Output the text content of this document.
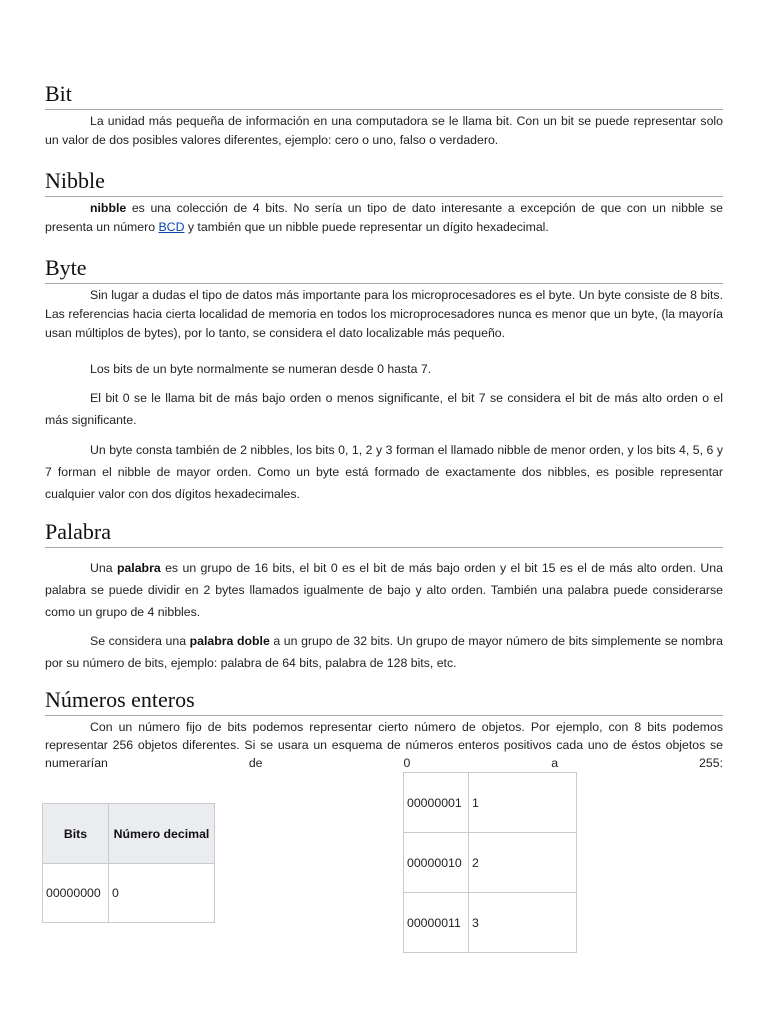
Bit

La unidad más pequeña de información en una computadora se le llama bit. Con un bit se puede representar solo un valor de dos posibles valores diferentes, ejemplo: cero o uno, falso o verdadero.

Nibble

nibble es una colección de 4 bits. No sería un tipo de dato interesante a excepción de que con un nibble se presenta un número BCD y también que un nibble puede representar un dígito hexadecimal.

Byte

Sin lugar a dudas el tipo de datos más importante para los microprocesadores es el byte. Un byte consiste de 8 bits. Las referencias hacia cierta localidad de memoria en todos los microprocesadores nunca es menor que un byte, (la mayoría usan múltiplos de bytes), por lo tanto, se considera el dato localizable más pequeño.

Los bits de un byte normalmente se numeran desde 0 hasta 7.

El bit 0 se le llama bit de más bajo orden o menos significante, el bit 7 se considera el bit de más alto orden o el más significante.

Un byte consta también de 2 nibbles, los bits 0, 1, 2 y 3 forman el llamado nibble de menor orden, y los bits 4, 5, 6 y 7 forman el nibble de mayor orden. Como un byte está formado de exactamente dos nibbles, es posible representar cualquier valor con dos dígitos hexadecimales.

Palabra

Una palabra es un grupo de 16 bits, el bit 0 es el bit de más bajo orden y el bit 15 es el de más alto orden. Una palabra se puede dividir en 2 bytes llamados igualmente de bajo y alto orden. También una palabra puede considerarse como un grupo de 4 nibbles.

Se considera una palabra doble a un grupo de 32 bits. Un grupo de mayor número de bits simplemente se nombra por su número de bits, ejemplo: palabra de 64 bits, palabra de 128 bits, etc.

Números enteros

Con un número fijo de bits podemos representar cierto número de objetos. Por ejemplo, con 8 bits podemos representar 256 objetos diferentes. Si se usara un esquema de números enteros positivos cada uno de éstos objetos se numerarían de 0 a 255:

Bits	Número decimal
00000000	0
00000001	1
00000010	2
00000011	3
